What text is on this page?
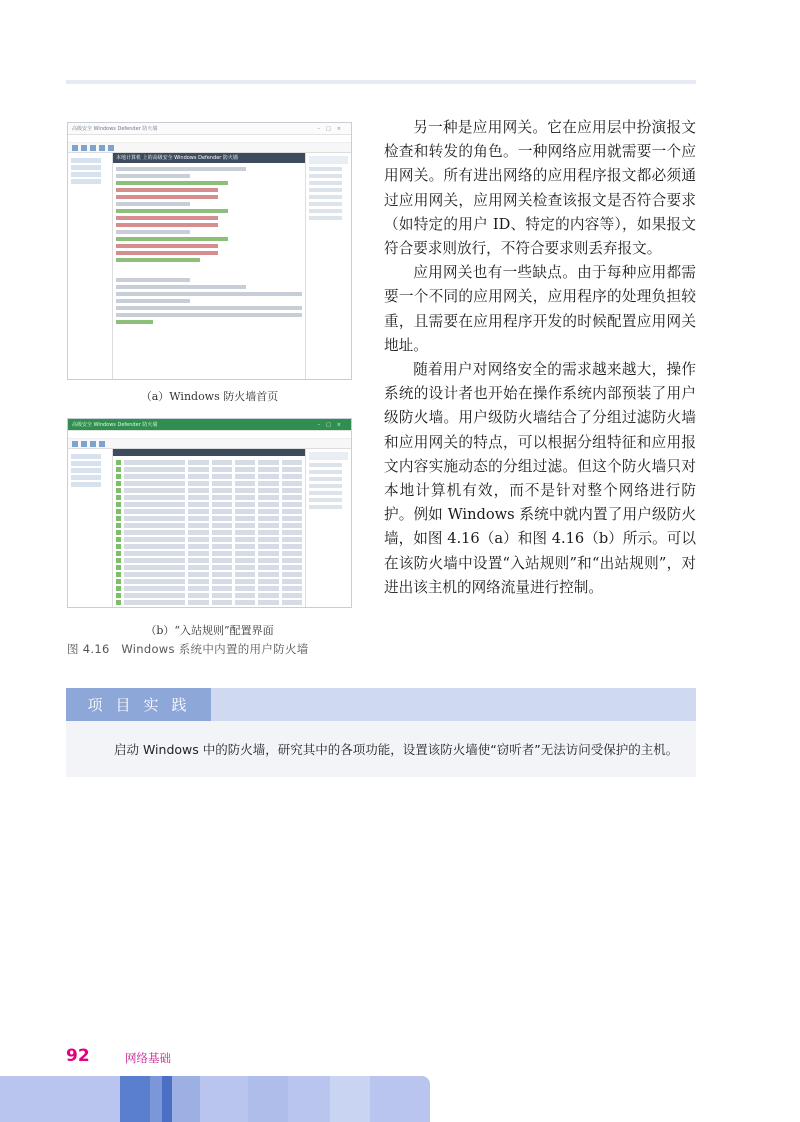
高级安全 Windows Defender 防火墙	–□×
本地计算机 上的高级安全 Windows Defender 防火墙
（a）Windows 防火墙首页
高级安全 Windows Defender 防火墙	–□×
（b）“入站规则”配置界面
图 4.16　Windows 系统中内置的用户防火墙

另一种是应用网关。它在应用层中扮演报文检查和转发的角色。一种网络应用就需要一个应用网关。所有进出网络的应用程序报文都必须通过应用网关，应用网关检查该报文是否符合要求（如特定的用户 ID、特定的内容等），如果报文符合要求则放行，不符合要求则丢弃报文。

应用网关也有一些缺点。由于每种应用都需要一个不同的应用网关，应用程序的处理负担较重，且需要在应用程序开发的时候配置应用网关地址。

随着用户对网络安全的需求越来越大，操作系统的设计者也开始在操作系统内部预装了用户级防火墙。用户级防火墙结合了分组过滤防火墙和应用网关的特点，可以根据分组特征和应用报文内容实施动态的分组过滤。但这个防火墙只对本地计算机有效，而不是针对整个网络进行防护。例如 Windows 系统中就内置了用户级防火墙，如图 4.16（a）和图 4.16（b）所示。可以在该防火墙中设置“入站规则”和“出站规则”，对进出该主机的网络流量进行控制。

项目实践
启动 Windows 中的防火墙，研究其中的各项功能，设置该防火墙使“窃听者”无法访问受保护的主机。
92	网络基础
